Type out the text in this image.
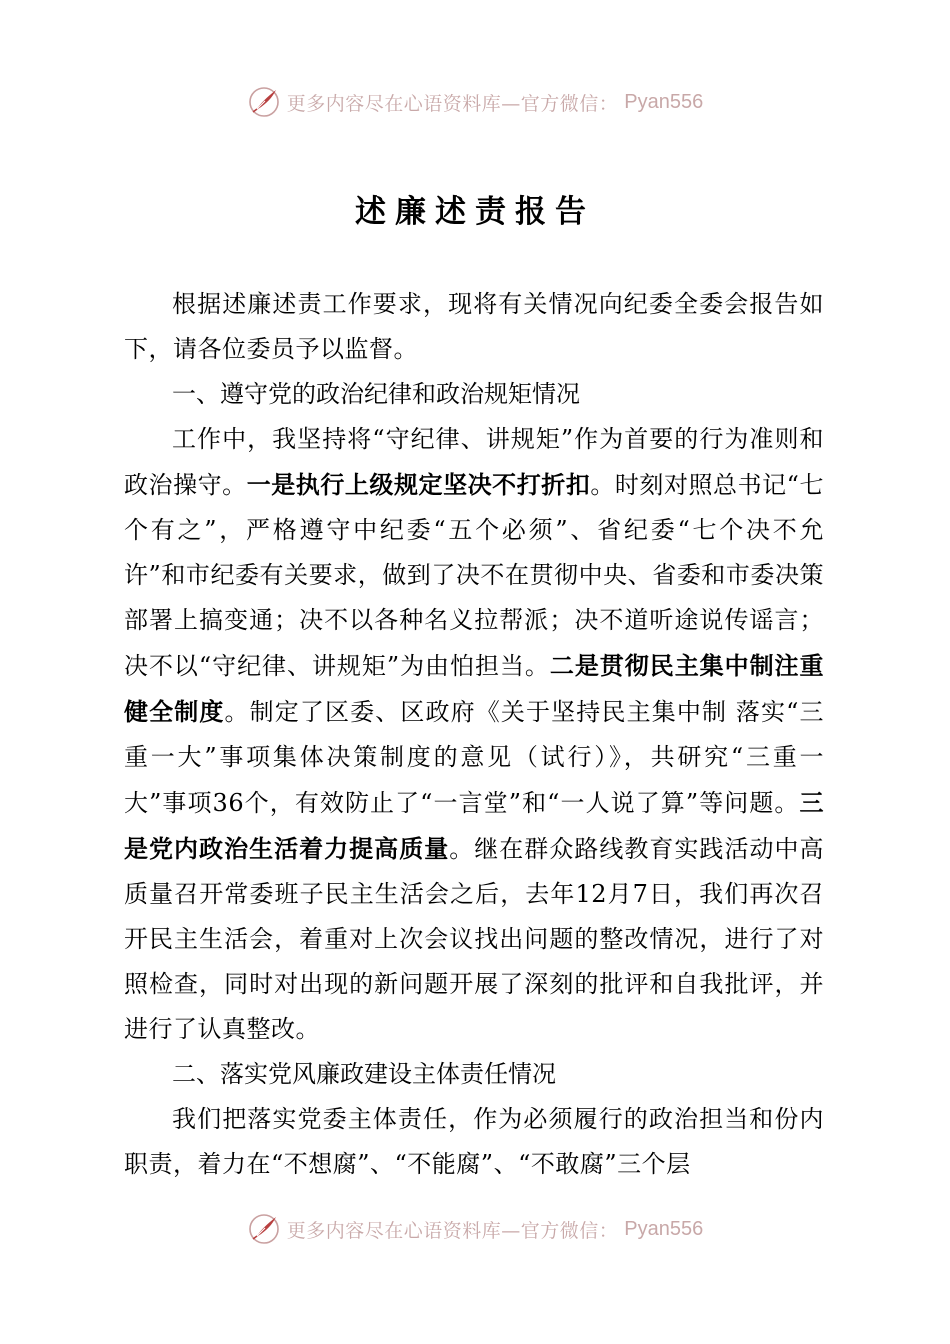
更多内容尽在心语资料库—官方微信： Pyan556
述廉述责报告

根据述廉述责工作要求，现将有关情况向纪委全委会报告如下，请各位委员予以监督。

一、遵守党的政治纪律和政治规矩情况

工作中，我坚持将“守纪律、讲规矩”作为首要的行为准则和政治操守。一是执行上级规定坚决不打折扣。时刻对照总书记“七个有之”，严格遵守中纪委“五个必须”、省纪委“七个决不允许”和市纪委有关要求，做到了决不在贯彻中央、省委和市委决策部署上搞变通；决不以各种名义拉帮派；决不道听途说传谣言；决不以“守纪律、讲规矩”为由怕担当。二是贯彻民主集中制注重健全制度。制定了区委、区政府《关于坚持民主集中制 落实“三重一大”事项集体决策制度的意见（试行）》，共研究“三重一大”事项36个，有效防止了“一言堂”和“一人说了算”等问题。三是党内政治生活着力提高质量。继在群众路线教育实践活动中高质量召开常委班子民主生活会之后，去年12月7日，我们再次召开民主生活会，着重对上次会议找出问题的整改情况，进行了对照检查，同时对出现的新问题开展了深刻的批评和自我批评，并进行了认真整改。

二、落实党风廉政建设主体责任情况

我们把落实党委主体责任，作为必须履行的政治担当和份内职责，着力在“不想腐”、“不能腐”、“不敢腐”三个层

更多内容尽在心语资料库—官方微信： Pyan556
